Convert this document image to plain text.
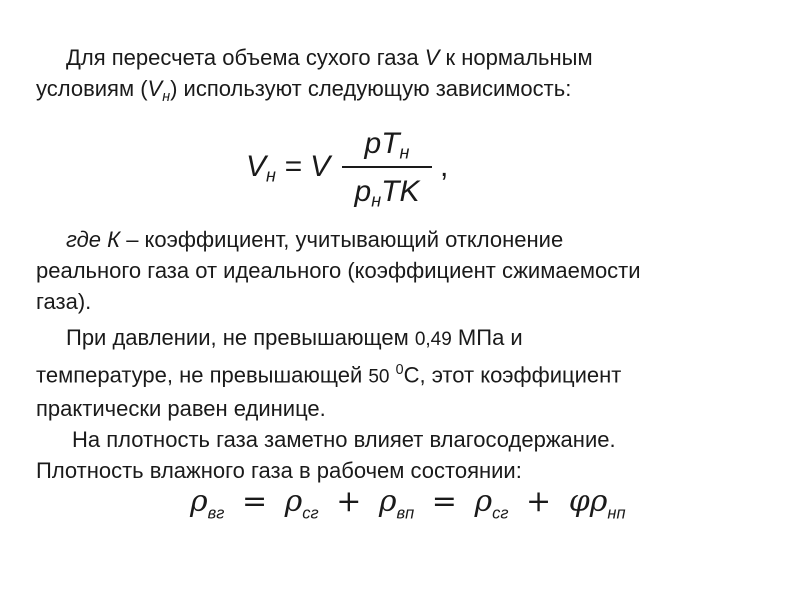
Для пересчета объема сухого газа V к нормальным
условиям $(V_н)$ используют следующую зависимость:
$V_н = V$
$pT_н$
$p_нTK$
,
где К – коэффициент, учитывающий отклонение
реального газа от идеального (коэффициент сжимаемости
газа).
При давлении, не превышающем 0,49 МПа и
температуре, не превышающей 50 $^0$С, этот коэффициент
практически равен единице.
На плотность газа заметно влияет влагосодержание.
Плотность влажного газа в рабочем состоянии:
$\rho_{вг} = \rho_{сг} + \rho_{вп} = \rho_{сг} + \varphi\rho_{нп}$
